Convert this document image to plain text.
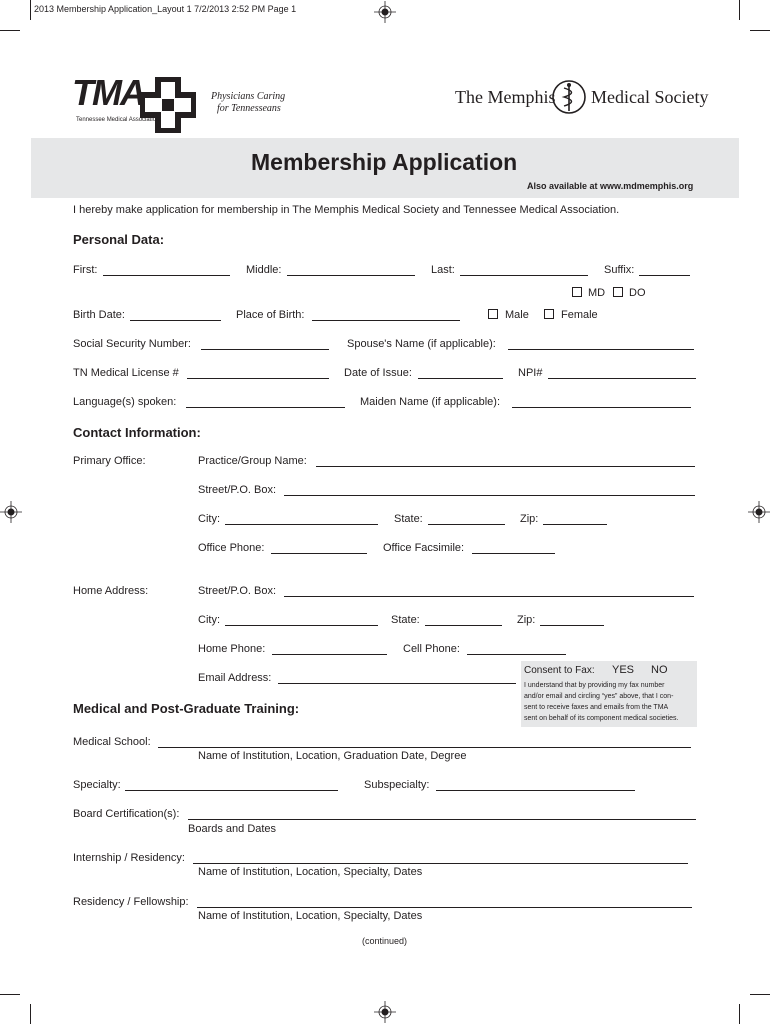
2013 Membership Application_Layout 1 7/2/2013 2:52 PM Page 1
TMA
Tennessee Medical Association
Physicians Caring
for Tennesseans
The Memphis Medical Society
Membership Application
Also available at www.mdmemphis.org
I hereby make application for membership in The Memphis Medical Society and Tennessee Medical Association.
Personal Data:
First:	Middle:	Last:	Suffix:
MD DO
Birth Date:	Place of Birth:	Male	Female
Social Security Number:	Spouse's Name (if applicable):
TN Medical License #	Date of Issue:	NPI#
Language(s) spoken:	Maiden Name (if applicable):
Contact Information:
Primary Office:	Practice/Group Name:
Street/P.O. Box:
City:	State:	Zip:
Office Phone:	Office Facsimile:
Home Address:	Street/P.O. Box:
City:	State:	Zip:
Home Phone:	Cell Phone:
Email Address:
Consent to Fax: YES NO
I understand that by providing my fax number
and/or email and circling “yes” above, that I con-
sent to receive faxes and emails from the TMA
sent on behalf of its component medical societies.
Medical and Post-Graduate Training:
Medical School:
Name of Institution, Location, Graduation Date, Degree
Specialty:	Subspecialty:
Board Certification(s):
Boards and Dates
Internship / Residency:
Name of Institution, Location, Specialty, Dates
Residency / Fellowship:
Name of Institution, Location, Specialty, Dates
(continued)
